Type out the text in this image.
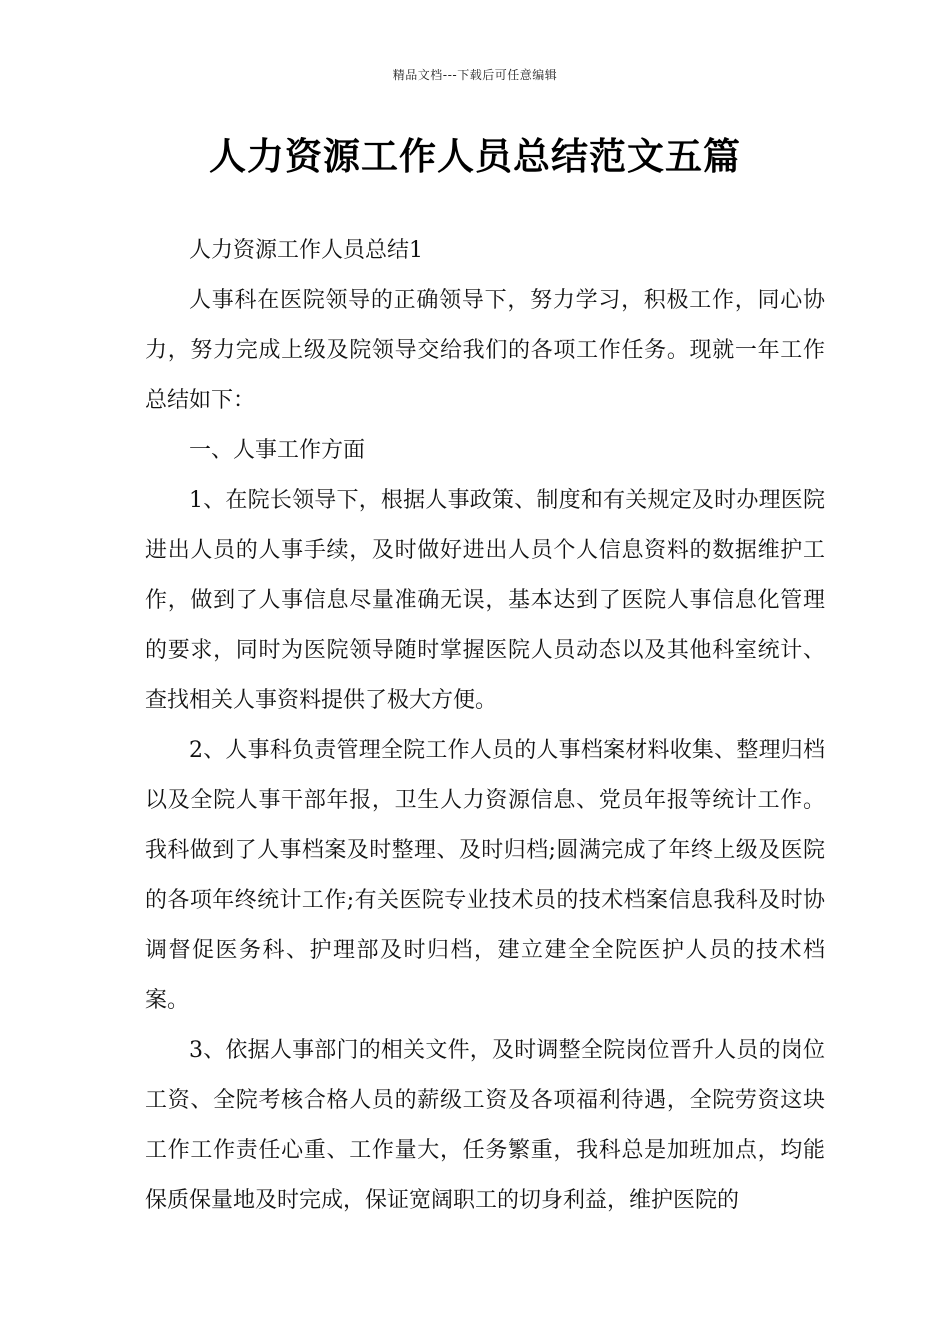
精品文档---下载后可任意编辑
人力资源工作人员总结范文五篇

人力资源工作人员总结1

人事科在医院领导的正确领导下，努力学习，积极工作，同心协力，努力完成上级及院领导交给我们的各项工作任务。现就一年工作总结如下：

一、人事工作方面

1、在院长领导下，根据人事政策、制度和有关规定及时办理医院进出人员的人事手续，及时做好进出人员个人信息资料的数据维护工作，做到了人事信息尽量准确无误，基本达到了医院人事信息化管理的要求，同时为医院领导随时掌握医院人员动态以及其他科室统计、查找相关人事资料提供了极大方便。

2、人事科负责管理全院工作人员的人事档案材料收集、整理归档以及全院人事干部年报，卫生人力资源信息、党员年报等统计工作。我科做到了人事档案及时整理、及时归档;圆满完成了年终上级及医院的各项年终统计工作;有关医院专业技术员的技术档案信息我科及时协调督促医务科、护理部及时归档，建立建全全院医护人员的技术档案。

3、依据人事部门的相关文件，及时调整全院岗位晋升人员的岗位工资、全院考核合格人员的薪级工资及各项福利待遇，全院劳资这块工作工作责任心重、工作量大，任务繁重，我科总是加班加点，均能保质保量地及时完成，保证宽阔职工的切身利益，维护医院的
